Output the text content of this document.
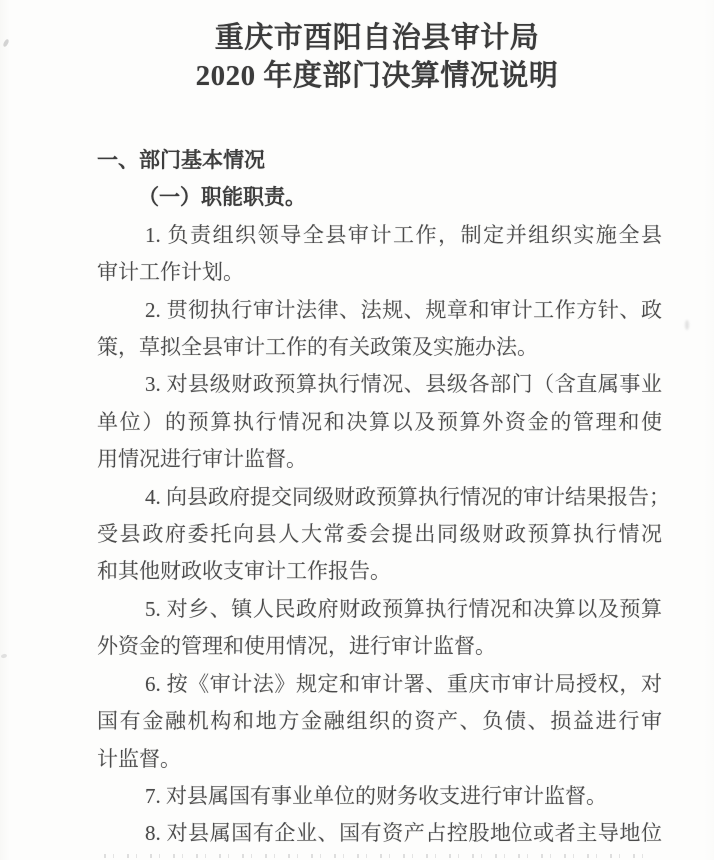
重庆市酉阳自治县审计局
2020 年度部门决算情况说明
一、部门基本情况
（一）职能职责。
1. 负责组织领导全县审计工作，制定并组织实施全县
审计工作计划。
2. 贯彻执行审计法律、法规、规章和审计工作方针、政
策，草拟全县审计工作的有关政策及实施办法。
3. 对县级财政预算执行情况、县级各部门（含直属事业
单位）的预算执行情况和决算以及预算外资金的管理和使
用情况进行审计监督。
4. 向县政府提交同级财政预算执行情况的审计结果报告；
受县政府委托向县人大常委会提出同级财政预算执行情况
和其他财政收支审计工作报告。
5. 对乡、镇人民政府财政预算执行情况和决算以及预算
外资金的管理和使用情况，进行审计监督。
6. 按《审计法》规定和审计署、重庆市审计局授权，对
国有金融机构和地方金融组织的资产、负债、损益进行审
计监督。
7. 对县属国有事业单位的财务收支进行审计监督。
8. 对县属国有企业、国有资产占控股地位或者主导地位
